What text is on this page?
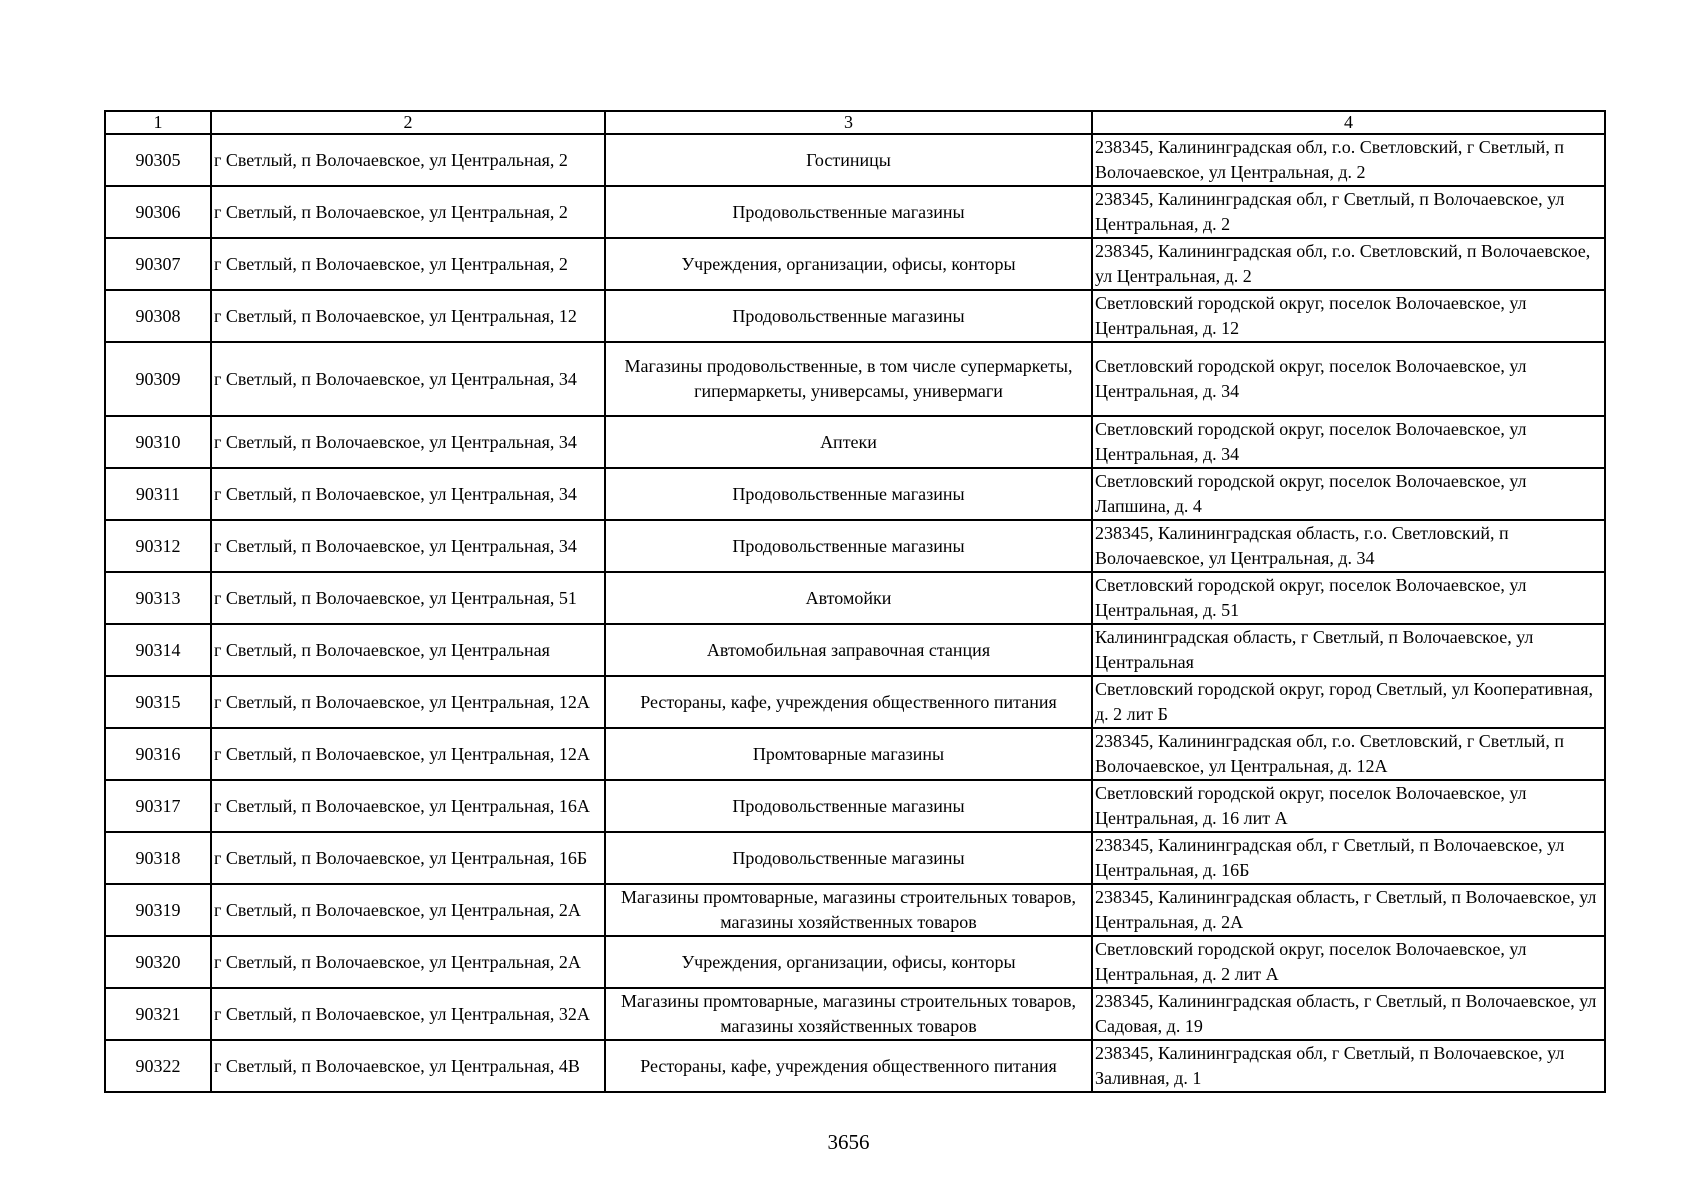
1	2	3	4
90305	г Светлый, п Волочаевское, ул Центральная, 2	Гостиницы	238345, Калининградская обл, г.о. Светловский, г Светлый, п Волочаевское, ул Центральная, д. 2
90306	г Светлый, п Волочаевское, ул Центральная, 2	Продовольственные магазины	238345, Калининградская обл, г Светлый, п Волочаевское, ул Центральная, д. 2
90307	г Светлый, п Волочаевское, ул Центральная, 2	Учреждения, организации, офисы, конторы	238345, Калининградская обл, г.о. Светловский, п Волочаевское, ул Центральная, д. 2
90308	г Светлый, п Волочаевское, ул Центральная, 12	Продовольственные магазины	Светловский городской округ, поселок Волочаевское, ул Центральная, д. 12
90309	г Светлый, п Волочаевское, ул Центральная, 34	Магазины продовольственные, в том числе супермаркеты, гипермаркеты, универсамы, универмаги	Светловский городской округ, поселок Волочаевское, ул Центральная, д. 34
90310	г Светлый, п Волочаевское, ул Центральная, 34	Аптеки	Светловский городской округ, поселок Волочаевское, ул Центральная, д. 34
90311	г Светлый, п Волочаевское, ул Центральная, 34	Продовольственные магазины	Светловский городской округ, поселок Волочаевское, ул Лапшина, д. 4
90312	г Светлый, п Волочаевское, ул Центральная, 34	Продовольственные магазины	238345, Калининградская область, г.о. Светловский, п Волочаевское, ул Центральная, д. 34
90313	г Светлый, п Волочаевское, ул Центральная, 51	Автомойки	Светловский городской округ, поселок Волочаевское, ул Центральная, д. 51
90314	г Светлый, п Волочаевское, ул Центральная	Автомобильная заправочная станция	Калининградская область, г Светлый, п Волочаевское, ул Центральная
90315	г Светлый, п Волочаевское, ул Центральная, 12А	Рестораны, кафе, учреждения общественного питания	Светловский городской округ, город Светлый, ул Кооперативная, д. 2 лит Б
90316	г Светлый, п Волочаевское, ул Центральная, 12А	Промтоварные магазины	238345, Калининградская обл, г.о. Светловский, г Светлый, п Волочаевское, ул Центральная, д. 12А
90317	г Светлый, п Волочаевское, ул Центральная, 16А	Продовольственные магазины	Светловский городской округ, поселок Волочаевское, ул Центральная, д. 16 лит А
90318	г Светлый, п Волочаевское, ул Центральная, 16Б	Продовольственные магазины	238345, Калининградская обл, г Светлый, п Волочаевское, ул Центральная, д. 16Б
90319	г Светлый, п Волочаевское, ул Центральная, 2А	Магазины промтоварные, магазины строительных товаров, магазины хозяйственных товаров	238345, Калининградская область, г Светлый, п Волочаевское, ул Центральная, д. 2А
90320	г Светлый, п Волочаевское, ул Центральная, 2А	Учреждения, организации, офисы, конторы	Светловский городской округ, поселок Волочаевское, ул Центральная, д. 2 лит А
90321	г Светлый, п Волочаевское, ул Центральная, 32А	Магазины промтоварные, магазины строительных товаров, магазины хозяйственных товаров	238345, Калининградская область, г Светлый, п Волочаевское, ул Садовая, д. 19
90322	г Светлый, п Волочаевское, ул Центральная, 4В	Рестораны, кафе, учреждения общественного питания	238345, Калининградская обл, г Светлый, п Волочаевское, ул Заливная, д. 1
3656
